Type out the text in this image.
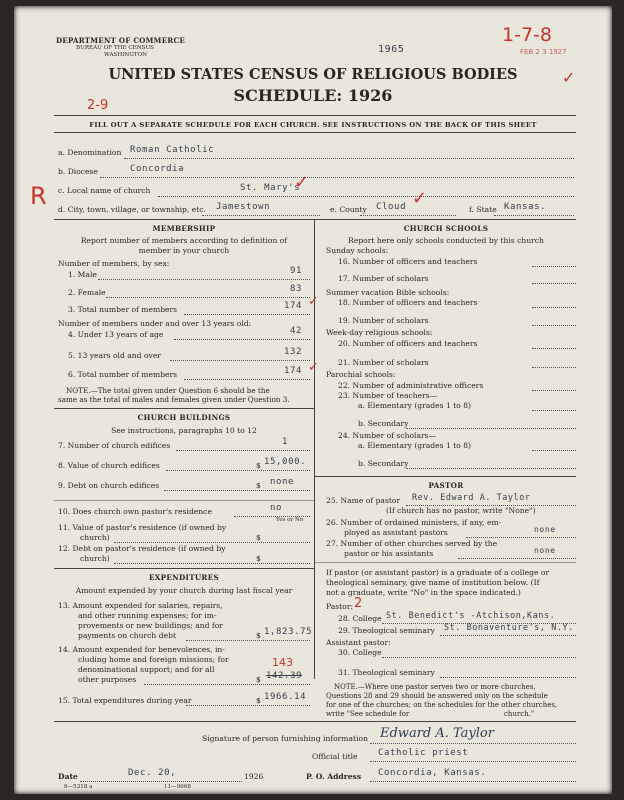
DEPARTMENT OF COMMERCE
BUREAU OF THE CENSUS
WASHINGTON	1965	FEB 2 3 1927
1-7-8
✓
UNITED STATES CENSUS OF RELIGIOUS BODIES
SCHEDULE: 1926
2-9
FILL OUT A SEPARATE SCHEDULE FOR EACH CHURCH. SEE INSTRUCTIONS ON THE BACK OF THIS SHEET
a. Denomination Roman Catholic
b. Diocese	Concordia
R c. Local name of church	St. Mary's
✓
d. City, town, village, or township, etc. Jamestown	e. County Cloud ✓
f. State Kansas.
MEMBERSHIP
Report number of members according to definition of
member in your church
Number of members, by sex:
1. Male	91
2. Female	83
3. Total number of members	174 ✓
Number of members under and over 13 years old:
4. Under 13 years of age	42
5. 13 years old and over	132
6. Total number of members	174 ✓
NOTE.—The total given under Question 6 should be the
same as the total of males and females given under Question 3.
CHURCH BUILDINGS
See instructions, paragraphs 10 to 12
7. Number of church edifices	1
8. Value of church edifices	$ 15,000.
9. Debt on church edifices	$ none
10. Does church own pastor's residence	no
Yes or No
11. Value of pastor's residence (if owned by
church)	$
12. Debt on pastor's residence (if owned by
church)	$
EXPENDITURES
Amount expended by your church during last fiscal year
13. Amount expended for salaries, repairs,
and other running expenses; for im-
provements or new buildings; and for
payments on church debt	$ 1,823.75
14. Amount expended for benevolences, in-
cluding home and foreign missions; for
denominational support; and for all
other purposes	$ 142.39
143
15. Total expenditures during year	$ 1966.14
CHURCH SCHOOLS
Report here only schools conducted by this church
Sunday schools:
16. Number of officers and teachers
17. Number of scholars
Summer vacation Bible schools:
18. Number of officers and teachers
19. Number of scholars
Week-day religious schools:
20. Number of officers and teachers
21. Number of scholars
Parochial schools:
22. Number of administrative officers
23. Number of teachers—
a. Elementary (grades 1 to 8)
b. Secondary
24. Number of scholars—
a. Elementary (grades 1 to 8)
b. Secondary
PASTOR
25. Name of pastor Rev. Edward A. Taylor
(If church has no pastor, write "None")
26. Number of ordained ministers, if any, em-
ployed as assistant pastors	none
27. Number of other churches served by the
pastor or his assistants	none
If pastor (or assistant pastor) is a graduate of a college or
theological seminary, give name of institution below. (If
not a graduate, write "No" in the space indicated.)
Pastor: 2
28. College St. Benedict's -Atchison,Kans.
29. Theological seminary St. Bonaventure's, N.Y.
Assistant pastor:
30. College
31. Theological seminary
NOTE.—Where one pastor serves two or more churches,
Questions 28 and 29 should be answered only on the schedule
for one of the churches; on the schedules for the other churches,
write "See schedule for	church."
Signature of person furnishing information Edward A. Taylor
Official title Catholic priest
Date	Dec. 20,	1926	P. O. Address Concordia, Kansas.
6—5318 a	11—9668
